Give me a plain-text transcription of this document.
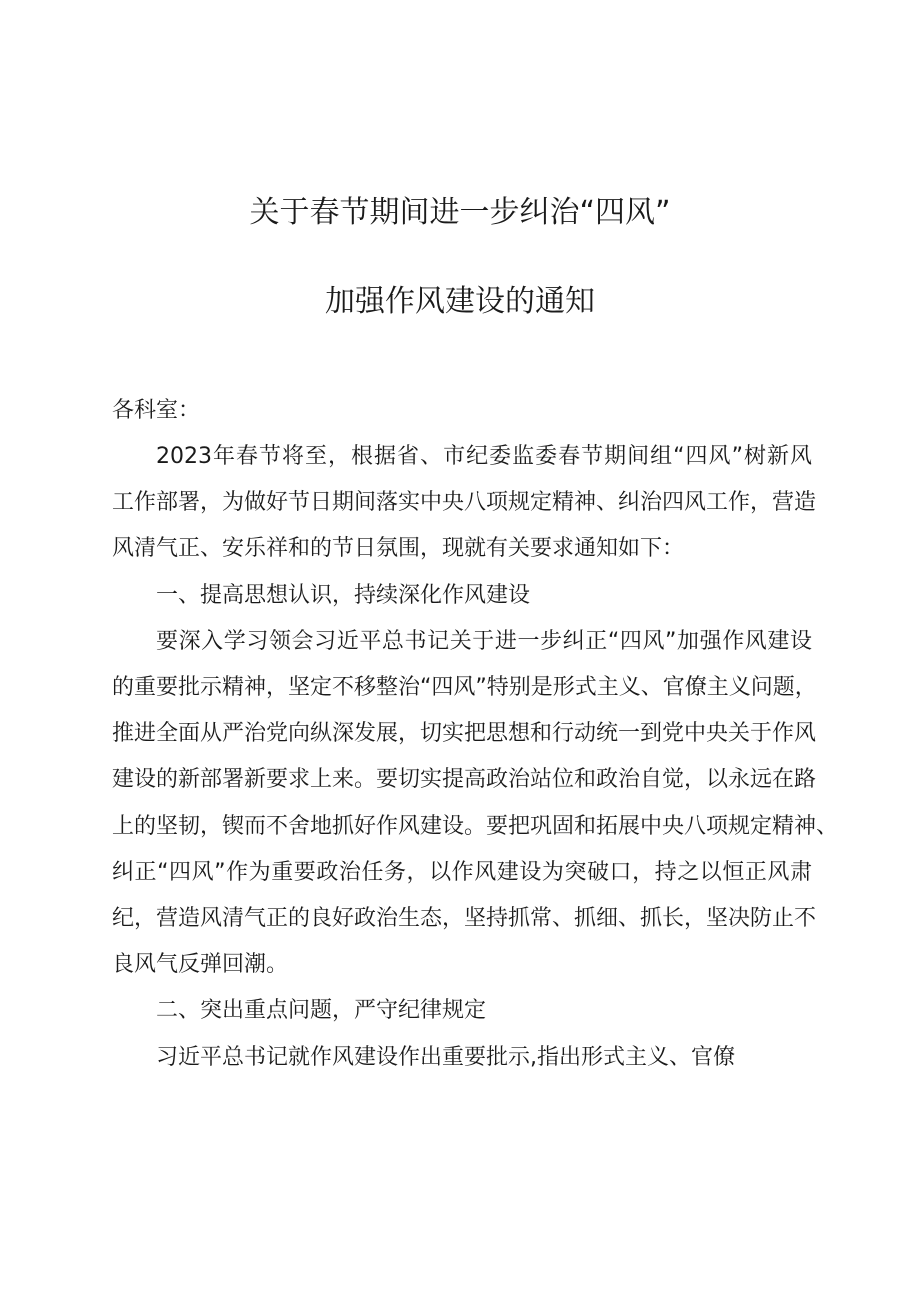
关于春节期间进一步纠治“四风”
加强作风建设的通知

各科室：

2023年春节将至，根据省、市纪委监委春节期间组“四风”树新风
工作部署，为做好节日期间落实中央八项规定精神、纠治四风工作，营造
风清气正、安乐祥和的节日氛围，现就有关要求通知如下：

一、提高思想认识，持续深化作风建设

要深入学习领会习近平总书记关于进一步纠正“四风”加强作风建设
的重要批示精神，坚定不移整治“四风”特别是形式主义、官僚主义问题，
推进全面从严治党向纵深发展，切实把思想和行动统一到党中央关于作风
建设的新部署新要求上来。要切实提高政治站位和政治自觉，以永远在路
上的坚韧，锲而不舍地抓好作风建设。要把巩固和拓展中央八项规定精神、
纠正“四风”作为重要政治任务，以作风建设为突破口，持之以恒正风肃
纪，营造风清气正的良好政治生态，坚持抓常、抓细、抓长，坚决防止不
良风气反弹回潮。

二、突出重点问题，严守纪律规定

习近平总书记就作风建设作出重要批示,指出形式主义、官僚
